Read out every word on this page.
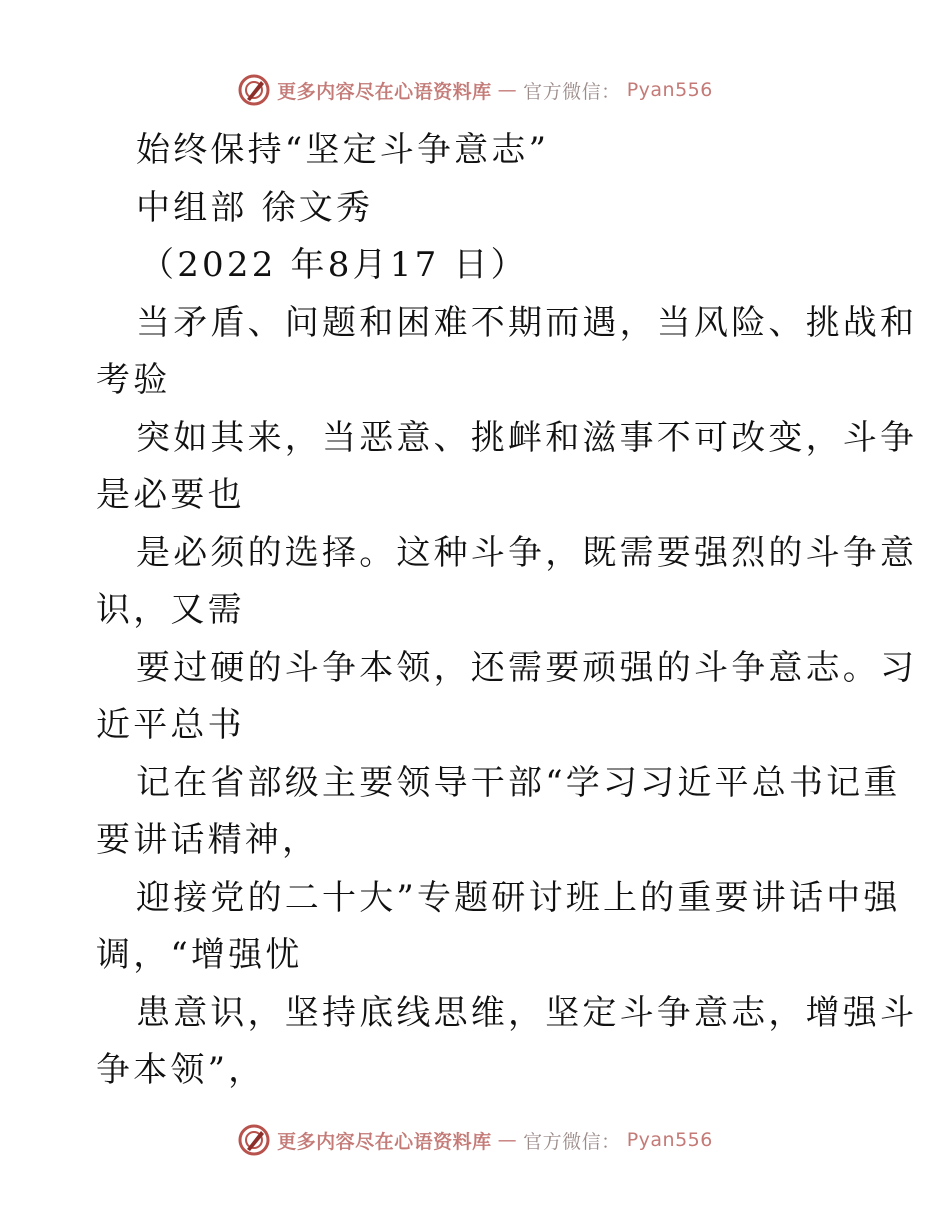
更多内容尽在心语资料库 — 官方微信： Pyan556
始终保持“坚定斗争意志”
中组部 徐文秀
（2022 年8月17 日）
当矛盾、问题和困难不期而遇，当风险、挑战和
考验
突如其来，当恶意、挑衅和滋事不可改变，斗争
是必要也
是必须的选择。这种斗争，既需要强烈的斗争意
识，又需
要过硬的斗争本领，还需要顽强的斗争意志。习
近平总书
记在省部级主要领导干部“学习习近平总书记重
要讲话精神，
迎接党的二十大”专题研讨班上的重要讲话中强
调，“增强忧
患意识，坚持底线思维，坚定斗争意志，增强斗
争本领”，
更多内容尽在心语资料库 — 官方微信： Pyan556
